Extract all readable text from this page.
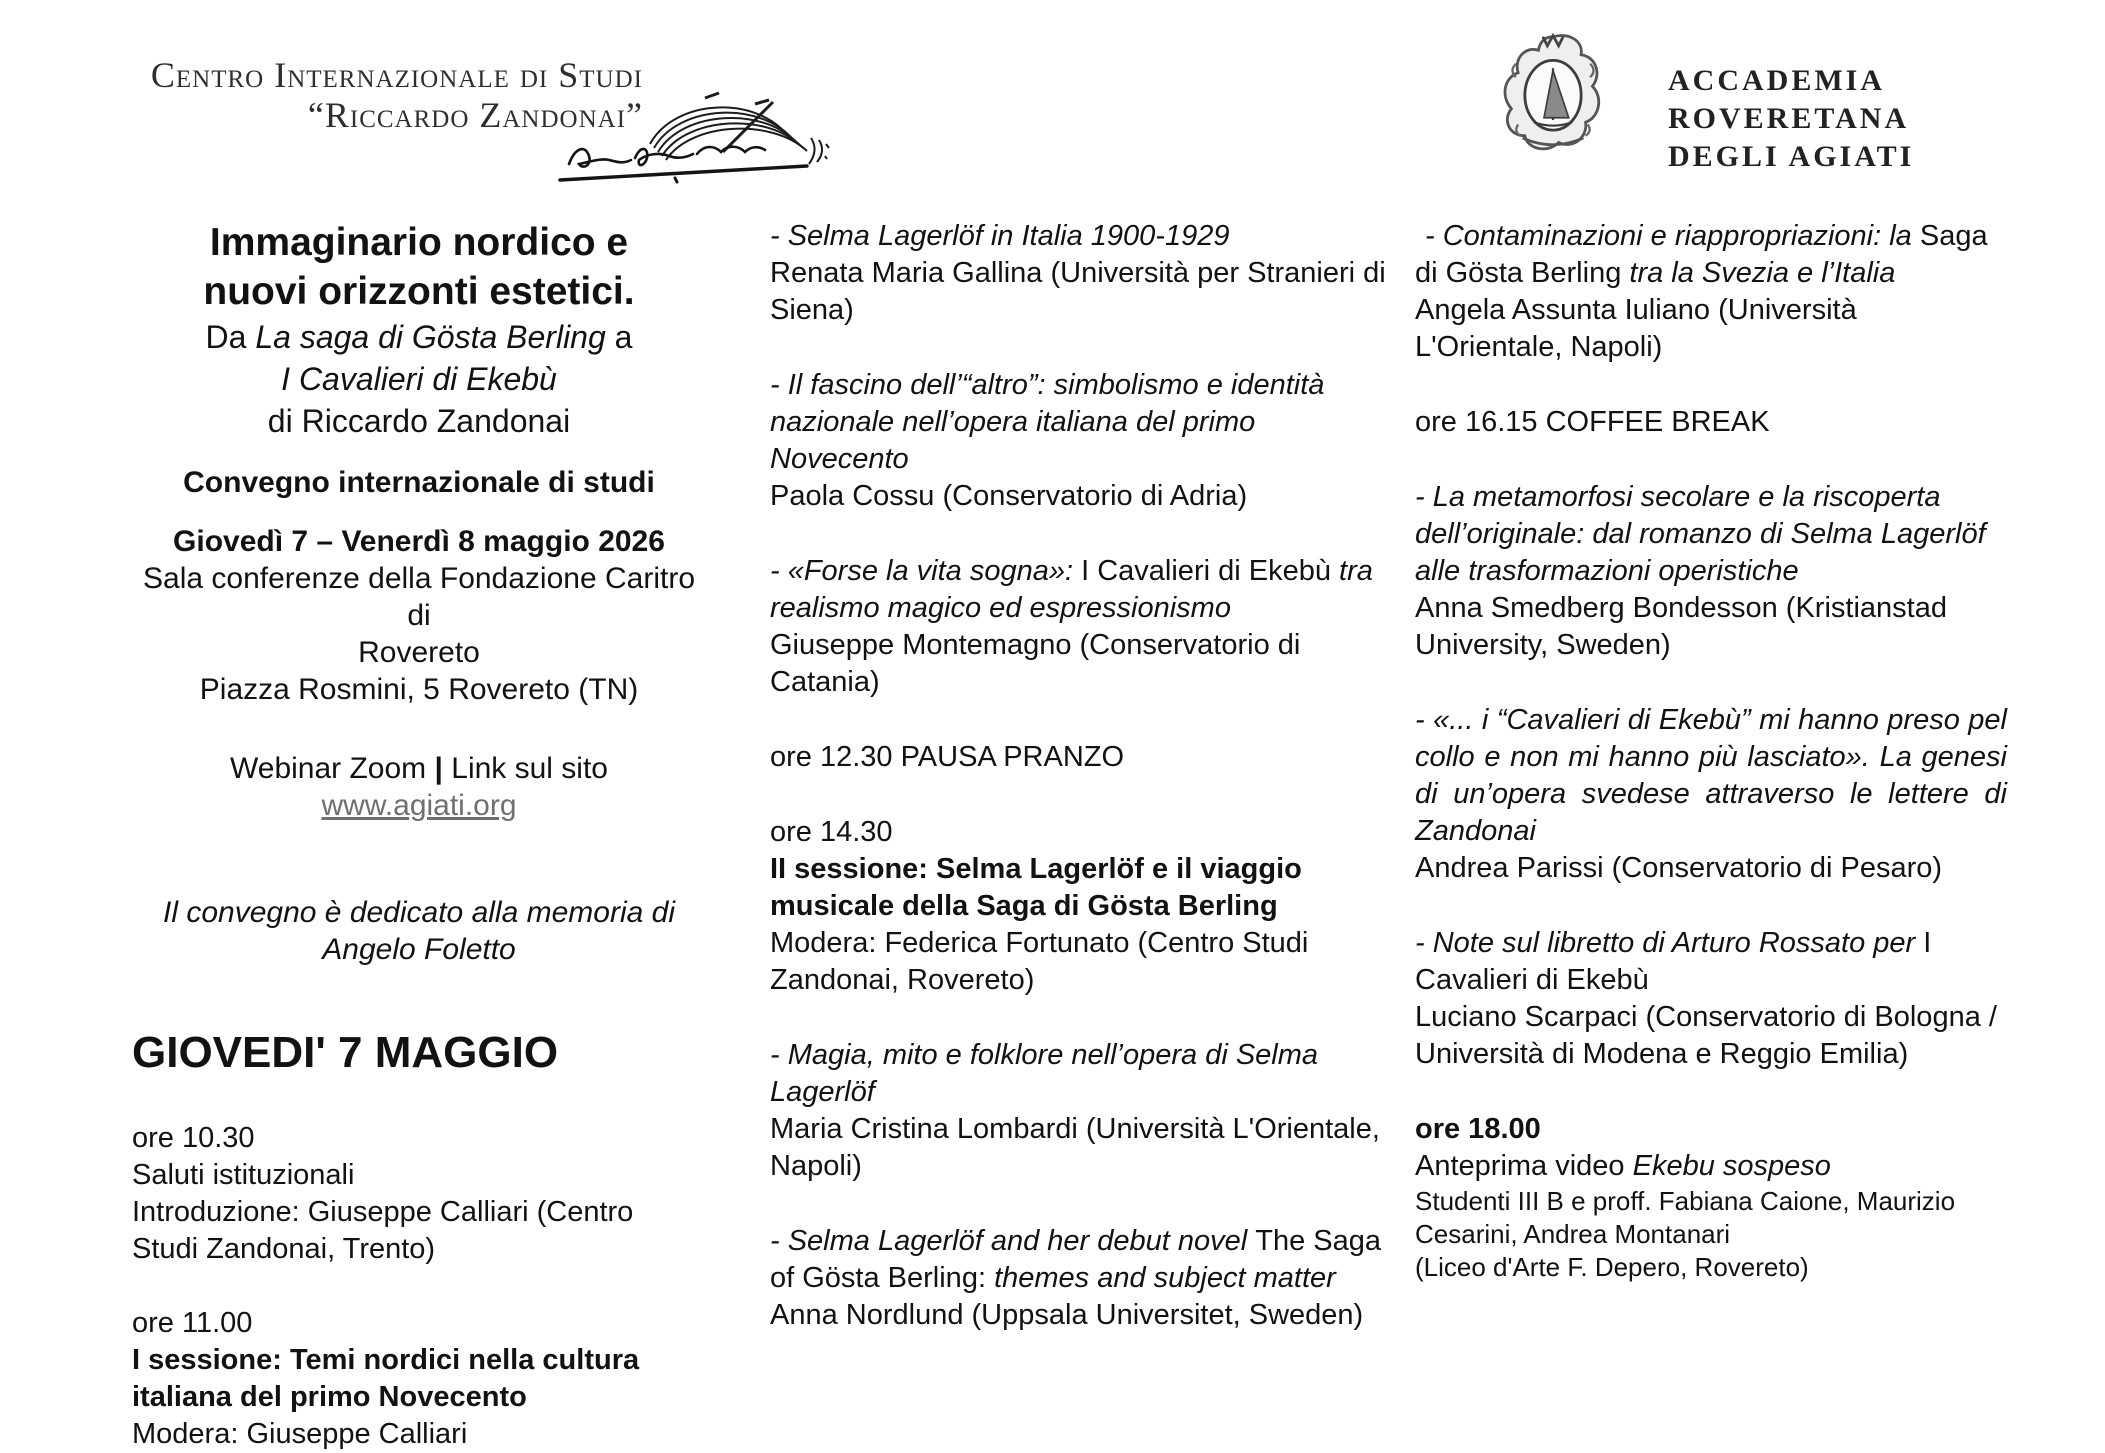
Centro Internazionale di Studi
“Riccardo Zandonai”
ACCADEMIA
ROVERETANA
DEGLI AGIATI

Immaginario nordico e

nuovi orizzonti estetici.

Da La saga di Gösta Berling a

I Cavalieri di Ekebù

di Riccardo Zandonai

Convegno internazionale di studi

Giovedì 7 – Venerdì 8 maggio 2026

Sala conferenze della Fondazione Caritro di

Rovereto

Piazza Rosmini, 5 Rovereto (TN)

Webinar Zoom | Link sul sito www.agiati.org

Il convegno è dedicato alla memoria di

Angelo Foletto

GIOVEDI' 7 MAGGIO

ore 10.30

Saluti istituzionali

Introduzione: Giuseppe Calliari (Centro Studi Zandonai, Trento)

ore 11.00

I sessione: Temi nordici nella cultura italiana del primo Novecento

Modera: Giuseppe Calliari

- Selma Lagerlöf in Italia 1900-1929

Renata Maria Gallina (Università per Stranieri di Siena)

- Il fascino dell’“altro”: simbolismo e identità nazionale nell’opera italiana del primo Novecento

Paola Cossu (Conservatorio di Adria)

- «Forse la vita sogna»: I Cavalieri di Ekebù tra realismo magico ed espressionismo

Giuseppe Montemagno (Conservatorio di Catania)

ore 12.30 PAUSA PRANZO

ore 14.30

II sessione: Selma Lagerlöf e il viaggio musicale della Saga di Gösta Berling

Modera: Federica Fortunato (Centro Studi Zandonai, Rovereto)

- Magia, mito e folklore nell’opera di Selma Lagerlöf

Maria Cristina Lombardi (Università L'Orientale, Napoli)

- Selma Lagerlöf and her debut novel The Saga of Gösta Berling: themes and subject matter

Anna Nordlund (Uppsala Universitet, Sweden)

- Contaminazioni e riappropriazioni: la Saga di Gösta Berling tra la Svezia e l’Italia

Angela Assunta Iuliano (Università L'Orientale, Napoli)

ore 16.15 COFFEE BREAK

- La metamorfosi secolare e la riscoperta dell’originale: dal romanzo di Selma Lagerlöf alle trasformazioni operistiche

Anna Smedberg Bondesson (Kristianstad University, Sweden)

- «... i “Cavalieri di Ekebù” mi hanno preso pel collo e non mi hanno più lasciato». La genesi di un’opera svedese attraverso le lettere di Zandonai

Andrea Parissi (Conservatorio di Pesaro)

- Note sul libretto di Arturo Rossato per I Cavalieri di Ekebù

Luciano Scarpaci (Conservatorio di Bologna / Università di Modena e Reggio Emilia)

ore 18.00

Anteprima video Ekebu sospeso

Studenti III B e proff. Fabiana Caione, Maurizio Cesarini, Andrea Montanari

(Liceo d'Arte F. Depero, Rovereto)
